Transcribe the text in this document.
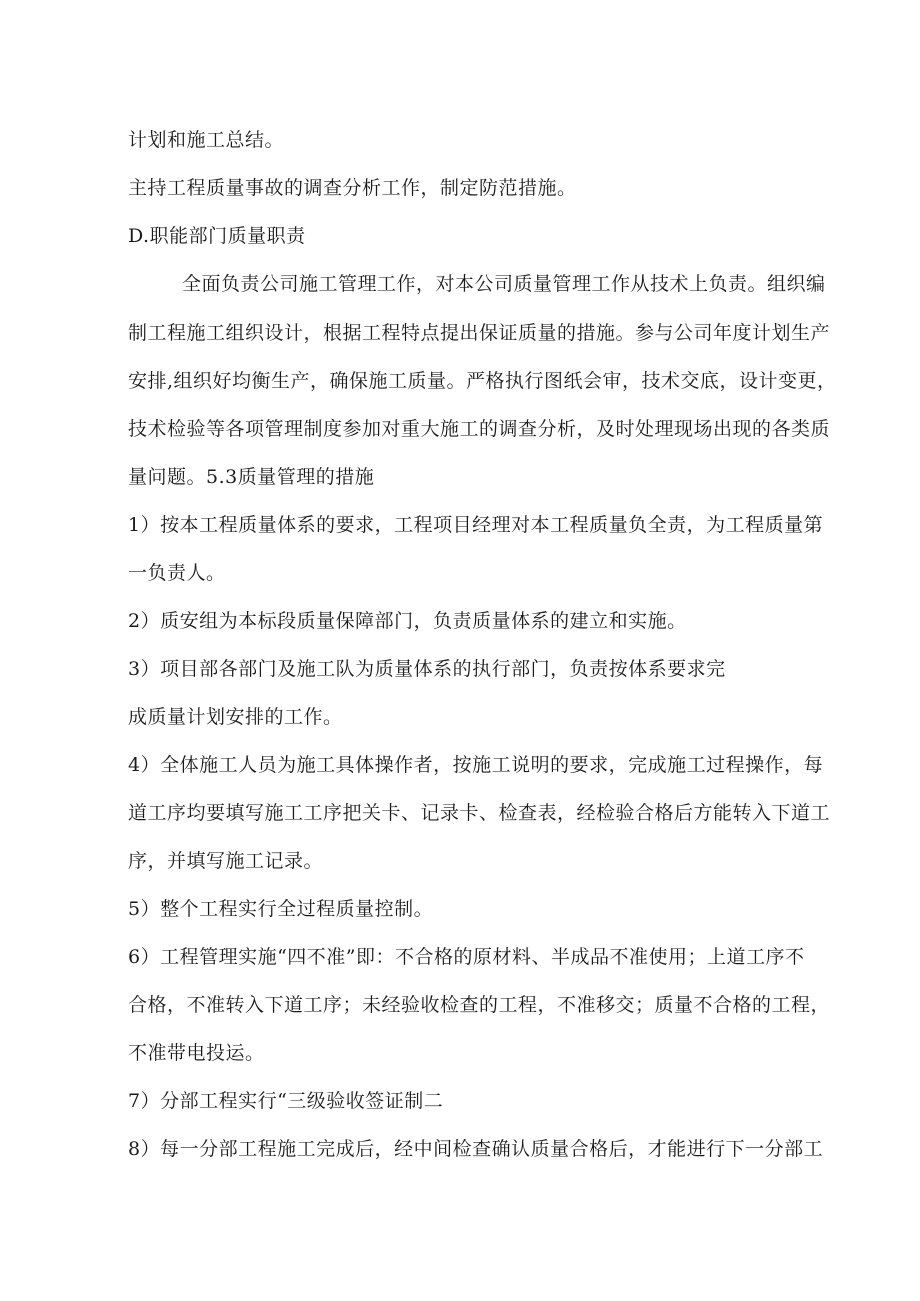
计划和施工总结。
主持工程质量事故的调查分析工作，制定防范措施。
D.职能部门质量职责
全面负责公司施工管理工作，对本公司质量管理工作从技术上负责。组织编
制工程施工组织设计，根据工程特点提出保证质量的措施。参与公司年度计划生产
安排,组织好均衡生产，确保施工质量。严格执行图纸会审，技术交底，设计变更，
技术检验等各项管理制度参加对重大施工的调查分析，及时处理现场出现的各类质
量问题。5.3质量管理的措施
1）按本工程质量体系的要求，工程项目经理对本工程质量负全责，为工程质量第
一负责人。
2）质安组为本标段质量保障部门，负责质量体系的建立和实施。
3）项目部各部门及施工队为质量体系的执行部门，负责按体系要求完
成质量计划安排的工作。
4）全体施工人员为施工具体操作者，按施工说明的要求，完成施工过程操作，每
道工序均要填写施工工序把关卡、记录卡、检查表，经检验合格后方能转入下道工
序，并填写施工记录。
5）整个工程实行全过程质量控制。
6）工程管理实施“四不准”即：不合格的原材料、半成品不准使用；上道工序不
合格，不准转入下道工序；未经验收检查的工程，不准移交；质量不合格的工程，
不准带电投运。
7）分部工程实行“三级验收签证制二
8）每一分部工程施工完成后，经中间检查确认质量合格后，才能进行下一分部工
